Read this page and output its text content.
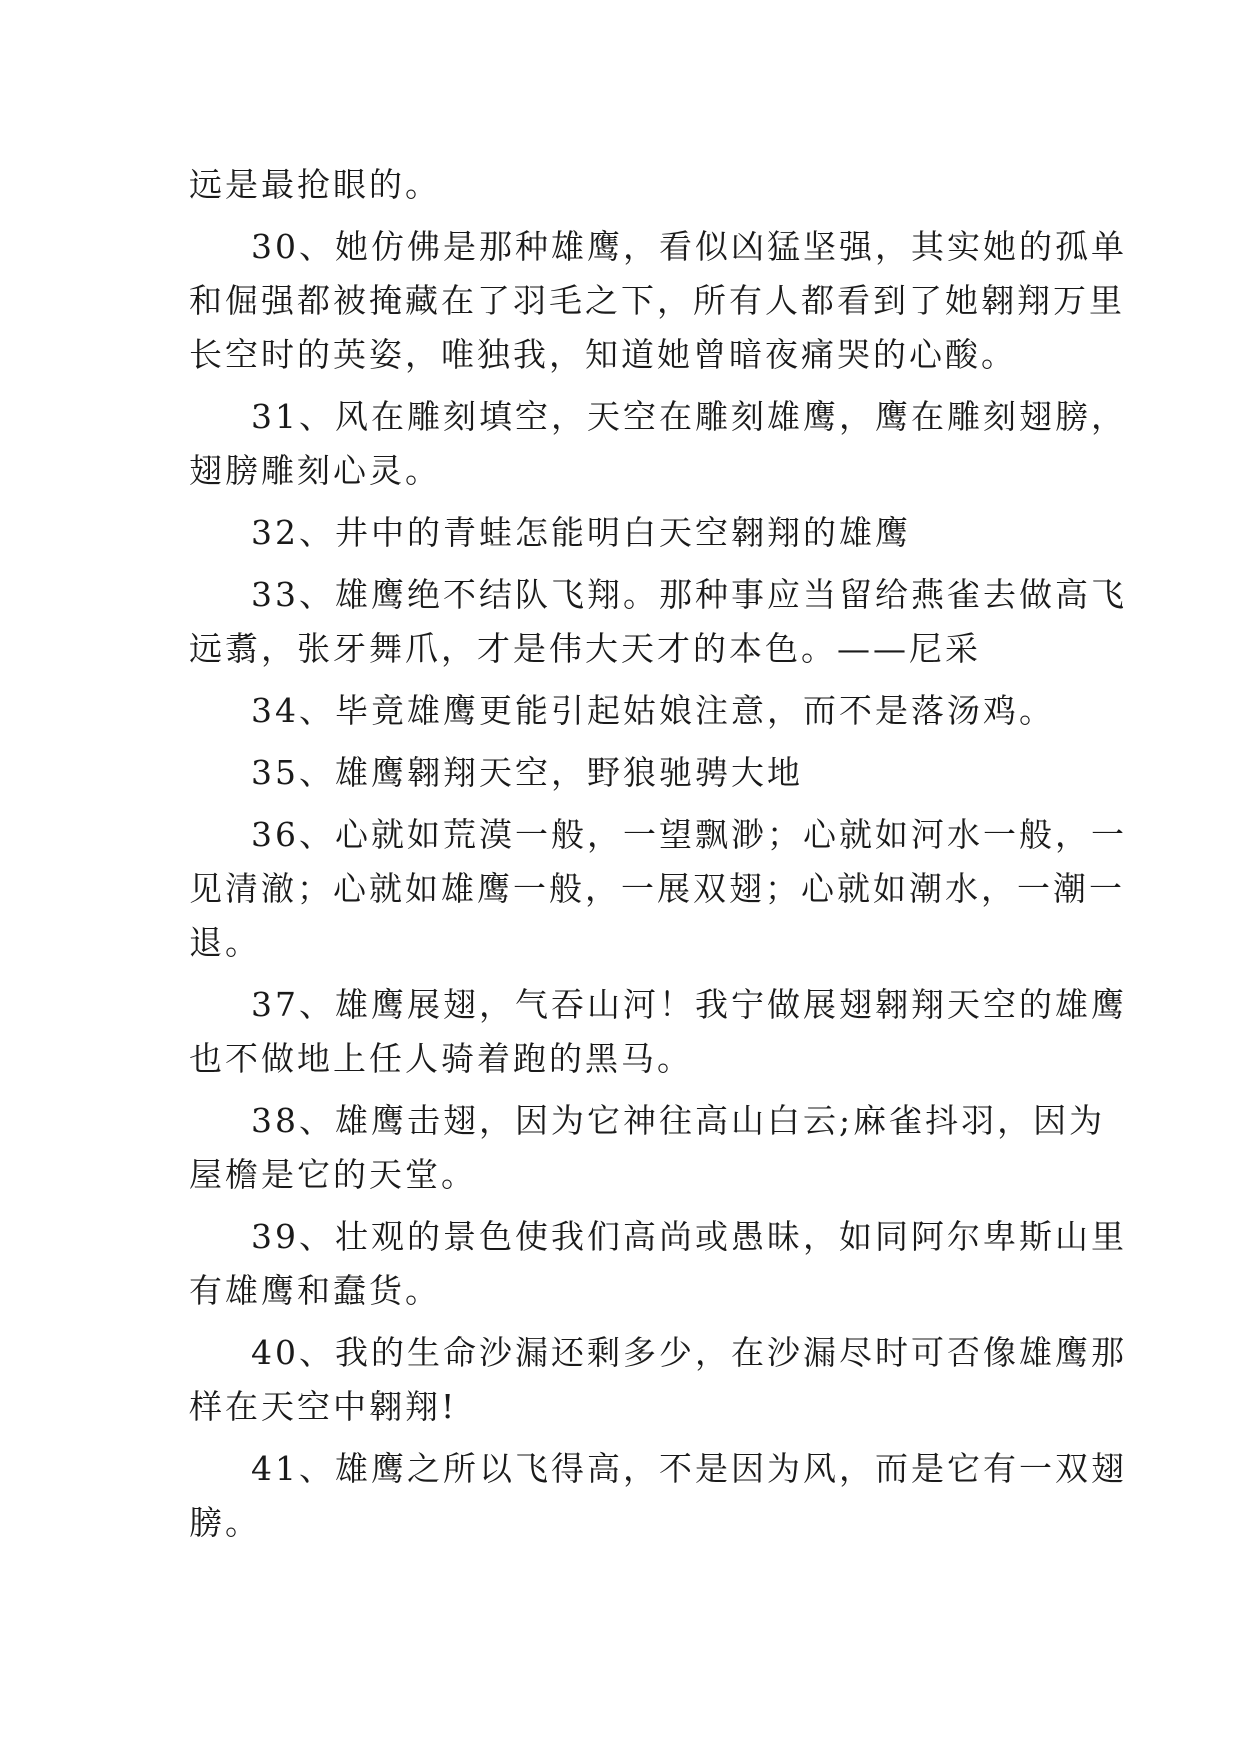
远是最抢眼的。
30、她仿佛是那种雄鹰，看似凶猛坚强，其实她的孤单
和倔强都被掩藏在了羽毛之下，所有人都看到了她翱翔万里
长空时的英姿，唯独我，知道她曾暗夜痛哭的心酸。
31、风在雕刻填空，天空在雕刻雄鹰，鹰在雕刻翅膀，
翅膀雕刻心灵。
32、井中的青蛙怎能明白天空翱翔的雄鹰
33、雄鹰绝不结队飞翔。那种事应当留给燕雀去做高飞
远翥，张牙舞爪，才是伟大天才的本色。——尼采
34、毕竟雄鹰更能引起姑娘注意，而不是落汤鸡。
35、雄鹰翱翔天空，野狼驰骋大地
36、心就如荒漠一般，一望飘渺；心就如河水一般，一
见清澈；心就如雄鹰一般，一展双翅；心就如潮水，一潮一
退。
37、雄鹰展翅，气吞山河！我宁做展翅翱翔天空的雄鹰
也不做地上任人骑着跑的黑马。
38、雄鹰击翅，因为它神往高山白云;麻雀抖羽，因为
屋檐是它的天堂。
39、壮观的景色使我们高尚或愚昧，如同阿尔卑斯山里
有雄鹰和蠢货。
40、我的生命沙漏还剩多少，在沙漏尽时可否像雄鹰那
样在天空中翱翔!
41、雄鹰之所以飞得高，不是因为风，而是它有一双翅
膀。
